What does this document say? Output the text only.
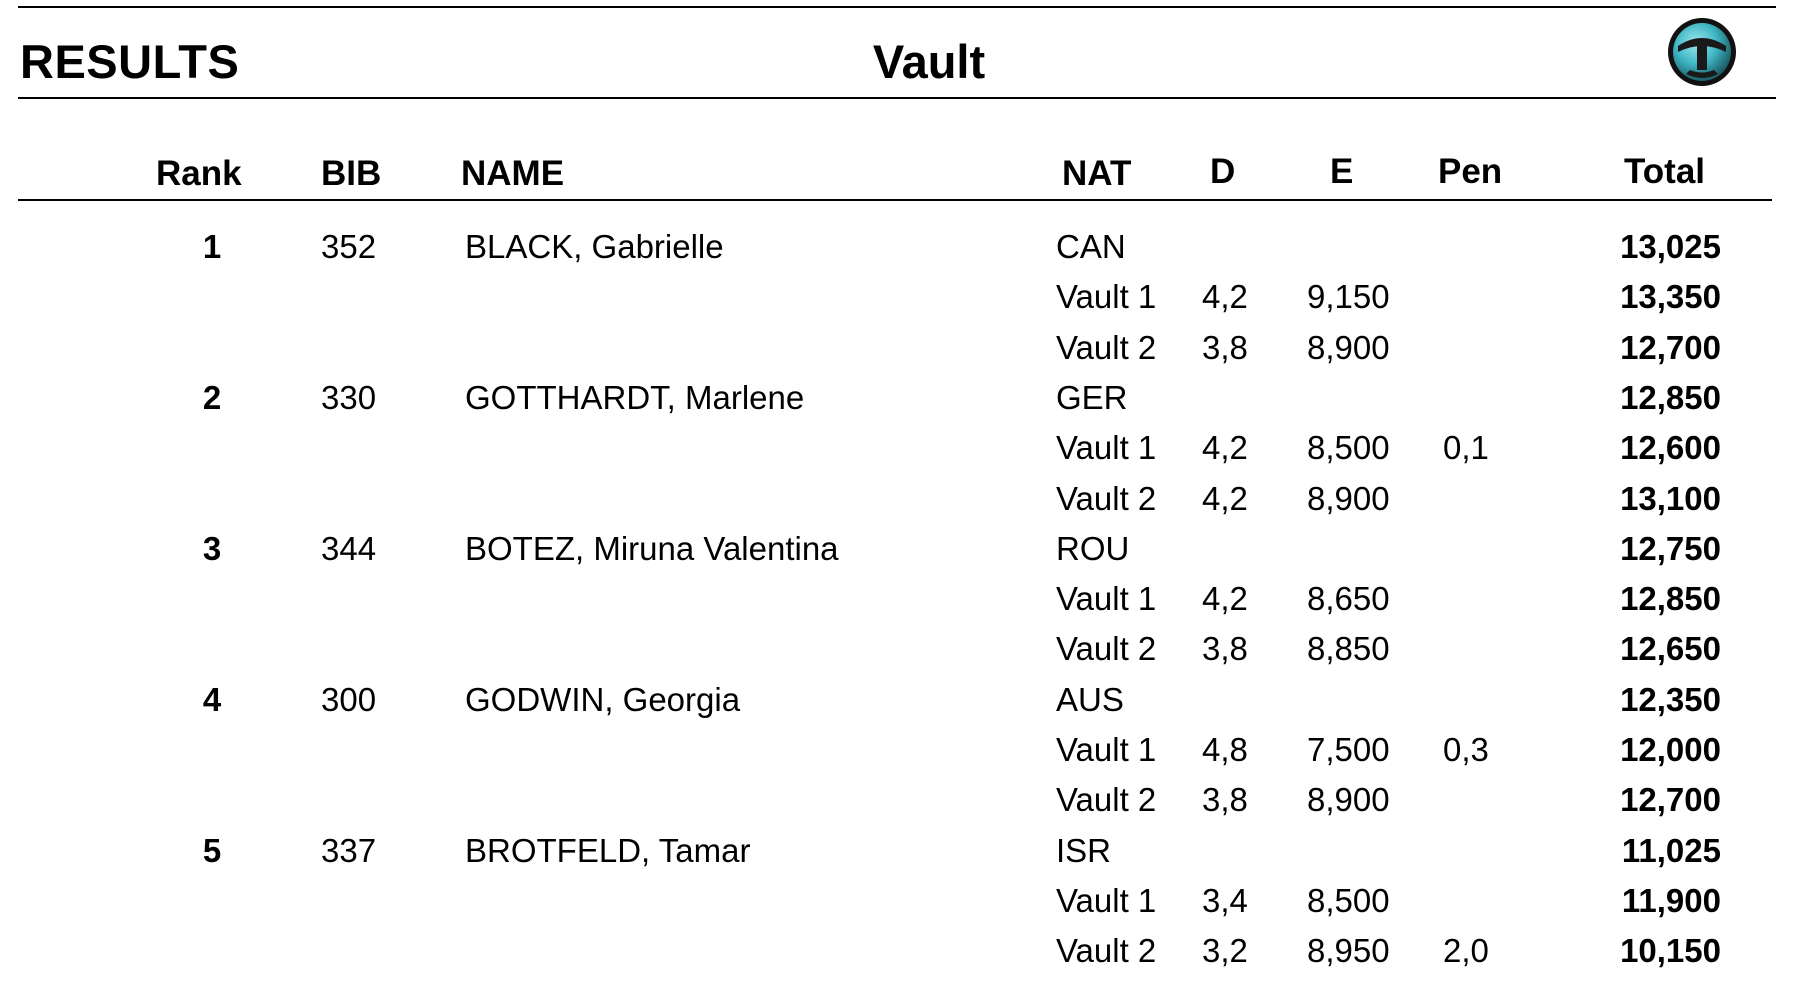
RESULTS	Vault
Rank BIB NAME	NAT D	E Pen	Total
1	352	BLACK, Gabrielle	CAN	13,025
Vault 1 4,2 9,150	13,350
Vault 2 3,8 8,900	12,700
2	330	GOTTHARDT, Marlene	GER	12,850
Vault 1 4,2 8,500 0,1	12,600
Vault 2 4,2 8,900	13,100
3	344	BOTEZ, Miruna Valentina	ROU	12,750
Vault 1 4,2 8,650	12,850
Vault 2 3,8 8,850	12,650
4	300	GODWIN, Georgia	AUS	12,350
Vault 1 4,8 7,500 0,3	12,000
Vault 2 3,8 8,900	12,700
5	337	BROTFELD, Tamar	ISR	11,025
Vault 1 3,4 8,500	11,900
Vault 2 3,2 8,950 2,0	10,150
